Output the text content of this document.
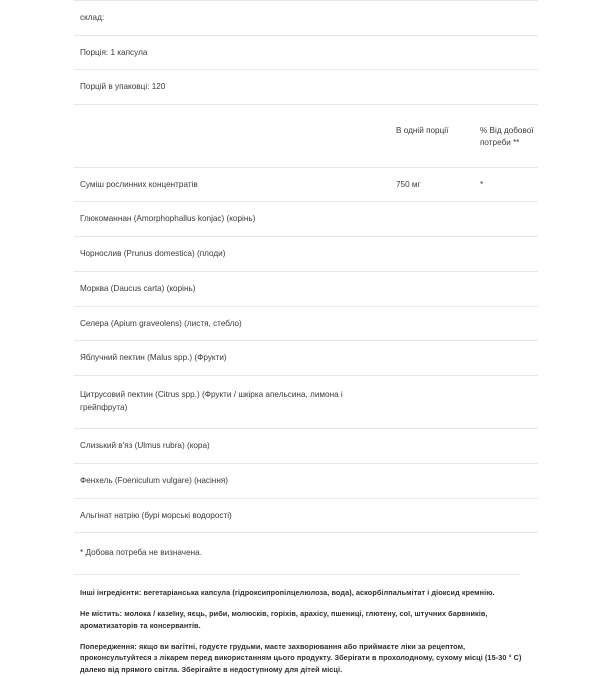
склад:		
Порція: 1 капсула		
Порцій в упаковці: 120		
	В одній порції	% Від добової потреби **
Суміш рослинних концентратів	750 мг	*
Глюкоманнан (Amorphophallus konjac) (корінь)		
Чорнослив (Prunus domestica) (плоди)		
Морква (Daucus carta) (корінь)		
Селера (Apium graveolens) (листя, стебло)		
Яблучний пектин (Malus spp.) (Фрукти)		
Цитрусовий пектин (Citrus spp.) (Фрукти / шкірка апельсина, лимона і грейпфрута)		
Слизький в'яз (Ulmus rubra) (кора)		
Фенхель (Foeniculum vulgare) (насіння)		
Альгінат натрію (бурі морські водорості)		
* Добова потреба не визначена.		

Інші інгредієнти: вегетаріанська капсула (гідроксипропілцелюлоза, вода), аскорбілпальмітат і діоксид кремнію.

Не містить: молока / казеїну, яєць, риби, молюсків, горіхів, арахісу, пшениці, глютену, сої, штучних барвників, ароматизаторів та консервантів.

Попередження: якщо ви вагітні, годуєте грудьми, маєте захворювання або приймаєте ліки за рецептом, проконсультуйтеся з лікарем перед використанням цього продукту. Зберігати в прохолодному, сухому місці (15-30 ° С) далеко від прямого світла. Зберігайте в недоступному для дітей місці.
